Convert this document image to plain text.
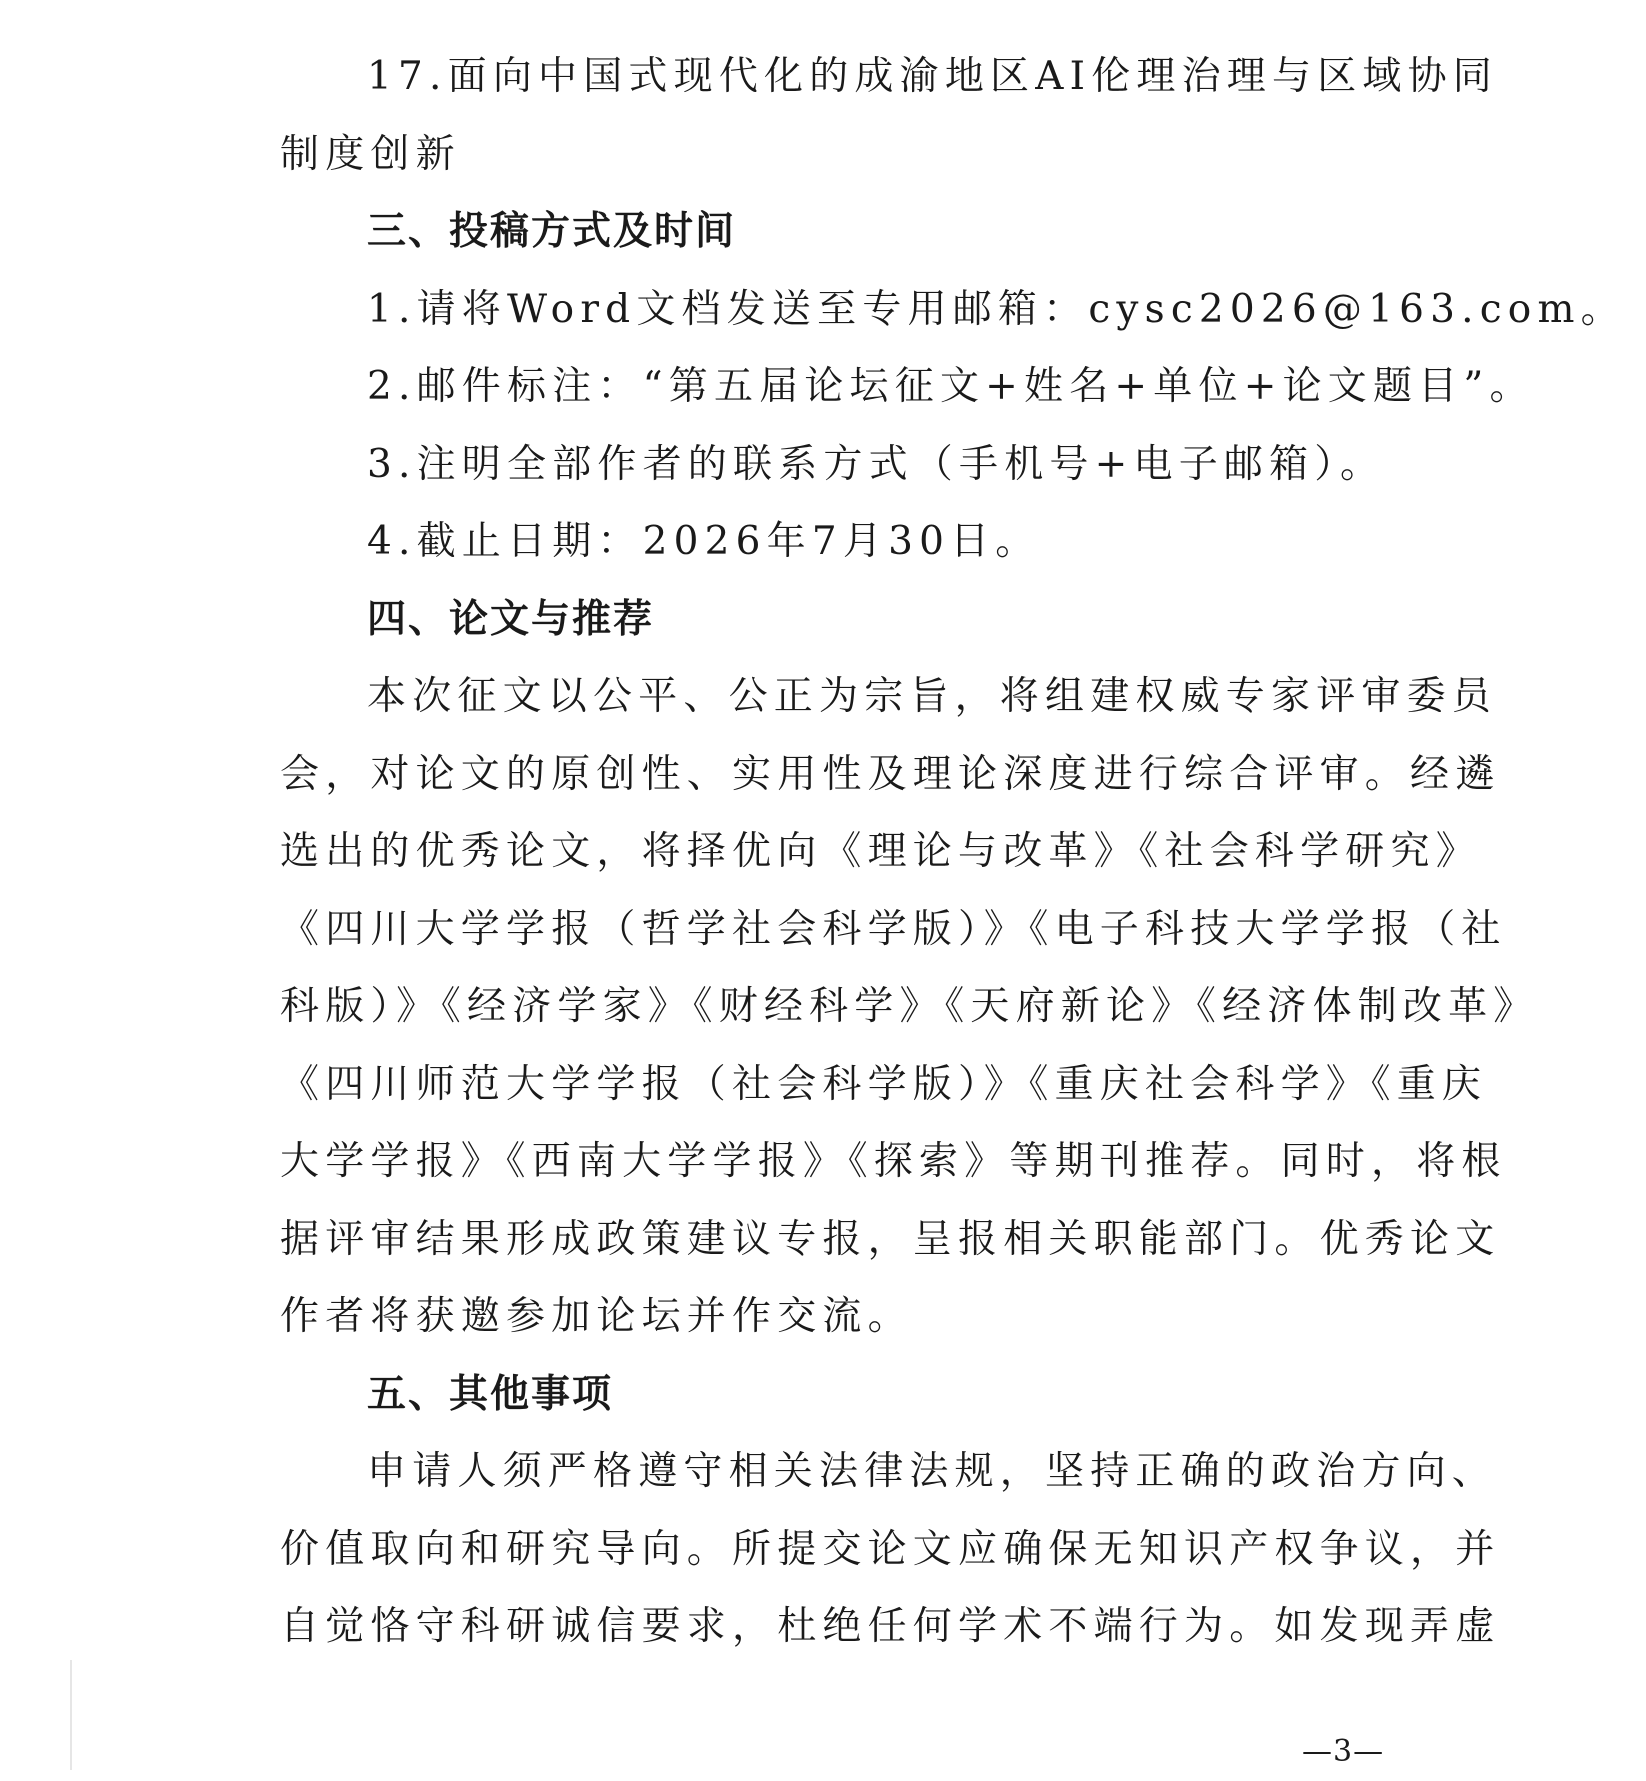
17.面向中国式现代化的成渝地区AI伦理治理与区域协同
制度创新
三、投稿方式及时间
1.请将Word文档发送至专用邮箱：cysc2026@163.com。
2.邮件标注：“第五届论坛征文+姓名+单位+论文题目”。
3.注明全部作者的联系方式（手机号+电子邮箱）。
4.截止日期：2026年7月30日。
四、论文与推荐
本次征文以公平、公正为宗旨，将组建权威专家评审委员
会，对论文的原创性、实用性及理论深度进行综合评审。经遴
选出的优秀论文，将择优向《理论与改革》《社会科学研究》
《四川大学学报（哲学社会科学版）》《电子科技大学学报（社
科版）》《经济学家》《财经科学》《天府新论》《经济体制改革》
《四川师范大学学报（社会科学版）》《重庆社会科学》《重庆
大学学报》《西南大学学报》《探索》等期刊推荐。同时，将根
据评审结果形成政策建议专报，呈报相关职能部门。优秀论文
作者将获邀参加论坛并作交流。
五、其他事项
申请人须严格遵守相关法律法规，坚持正确的政治方向、
价值取向和研究导向。所提交论文应确保无知识产权争议，并
自觉恪守科研诚信要求，杜绝任何学术不端行为。如发现弄虚
—3—
